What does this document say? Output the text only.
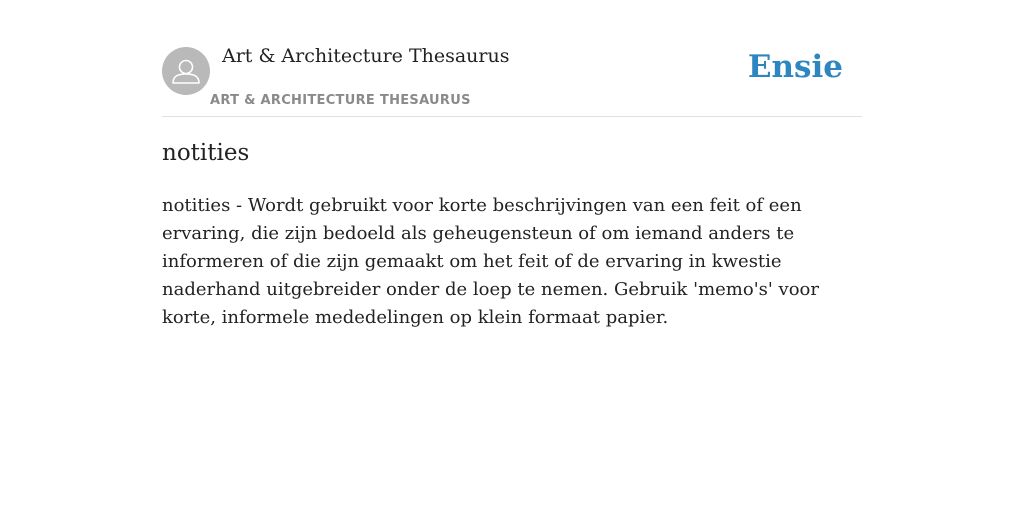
Art & Architecture Thesaurus
ART & ARCHITECTURE THESAURUS
Ensie
notities

notities - Wordt gebruikt voor korte beschrijvingen van een feit of een ervaring, die zijn bedoeld als geheugensteun of om iemand anders te informeren of die zijn gemaakt om het feit of de ervaring in kwestie naderhand uitgebreider onder de loep te nemen. Gebruik 'memo's' voor korte, informele mededelingen op klein formaat papier.
